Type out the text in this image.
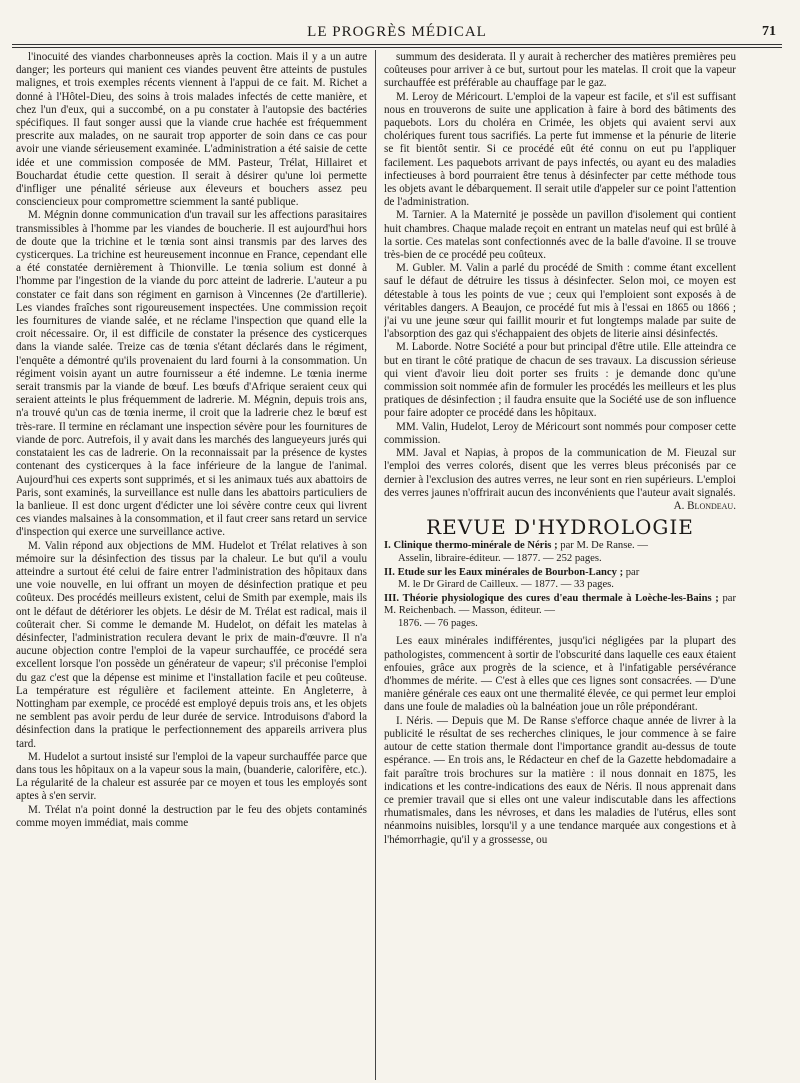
LE PROGRÈS MÉDICAL	71

l'inocuité des viandes charbonneuses après la coction. Mais il y a un autre danger; les porteurs qui manient ces viandes peuvent être atteints de pustules malignes, et trois exemples récents viennent à l'appui de ce fait. M. Richet a donné à l'Hôtel-Dieu, des soins à trois malades infectés de cette manière, et chez l'un d'eux, qui a succombé, on a pu constater à l'autopsie des bactéries spécifiques. Il faut songer aussi que la viande crue hachée est fréquemment prescrite aux malades, on ne saurait trop apporter de soin dans ce cas pour avoir une viande sérieusement examinée. L'administration a été saisie de cette idée et une commission composée de MM. Pasteur, Trélat, Hillairet et Bouchardat étudie cette question. Il serait à désirer qu'une loi permette d'infliger une pénalité sérieuse aux éleveurs et bouchers assez peu consciencieux pour compromettre sciemment la santé publique.

M. Mégnin donne communication d'un travail sur les affections parasitaires transmissibles à l'homme par les viandes de boucherie. Il est aujourd'hui hors de doute que la trichine et le tœnia sont ainsi transmis par des larves des cysticerques. La trichine est heureusement inconnue en France, cependant elle a été constatée dernièrement à Thionville. Le tœnia solium est donné à l'homme par l'ingestion de la viande du porc atteint de ladrerie. L'auteur a pu constater ce fait dans son régiment en garnison à Vincennes (2e d'artillerie). Les viandes fraîches sont rigoureusement inspectées. Une commission reçoit les fournitures de viande salée, et ne réclame l'inspection que quand elle la croit nécessaire. Or, il est difficile de constater la présence des cysticerques dans la viande salée. Treize cas de tœnia s'étant déclarés dans le régiment, l'enquête a démontré qu'ils provenaient du lard fourni à la consommation. Un régiment voisin ayant un autre fournisseur a été indemne. Le tœnia inerme serait transmis par la viande de bœuf. Les bœufs d'Afrique seraient ceux qui seraient atteints le plus fréquemment de ladrerie. M. Mégnin, depuis trois ans, n'a trouvé qu'un cas de tœnia inerme, il croit que la ladrerie chez le bœuf est très-rare. Il termine en réclamant une inspection sévère pour les fournitures de viande de porc. Autrefois, il y avait dans les marchés des langueyeurs jurés qui constataient les cas de ladrerie. On la reconnaissait par la présence de kystes contenant des cysticerques à la face inférieure de la langue de l'animal. Aujourd'hui ces experts sont supprimés, et si les animaux tués aux abattoirs de Paris, sont examinés, la surveillance est nulle dans les abattoirs particuliers de la banlieue. Il est donc urgent d'édicter une loi sévère contre ceux qui livrent ces viandes malsaines à la consommation, et il faut creer sans retard un service d'inspection qui exerce une surveillance active.

M. Valin répond aux objections de MM. Hudelot et Trélat relatives à son mémoire sur la désinfection des tissus par la chaleur. Le but qu'il a voulu atteindre a surtout été celui de faire entrer l'administration des hôpitaux dans une voie nouvelle, en lui offrant un moyen de désinfection pratique et peu coûteux. Des procédés meilleurs existent, celui de Smith par exemple, mais ils ont le défaut de détériorer les objets. Le désir de M. Trélat est radical, mais il coûterait cher. Si comme le demande M. Hudelot, on défait les matelas à désinfecter, l'administration reculera devant le prix de main-d'œuvre. Il n'a aucune objection contre l'emploi de la vapeur surchauffée, ce procédé sera excellent lorsque l'on possède un générateur de vapeur; s'il préconise l'emploi du gaz c'est que la dépense est minime et l'installation facile et peu coûteuse. La température est régulière et facilement atteinte. En Angleterre, à Nottingham par exemple, ce procédé est employé depuis trois ans, et les objets ne semblent pas avoir perdu de leur durée de service. Introduisons d'abord la désinfection dans la pratique le perfectionnement des appareils arrivera plus tard.

M. Hudelot a surtout insisté sur l'emploi de la vapeur surchauffée parce que dans tous les hôpitaux on a la vapeur sous la main, (buanderie, calorifère, etc.). La régularité de la chaleur est assurée par ce moyen et tous les employés sont aptes à s'en servir.

M. Trélat n'a point donné la destruction par le feu des objets contaminés comme moyen immédiat, mais comme

summum des desiderata. Il y aurait à rechercher des matières premières peu coûteuses pour arriver à ce but, surtout pour les matelas. Il croit que la vapeur surchauffée est préférable au chauffage par le gaz.

M. Leroy de Méricourt. L'emploi de la vapeur est facile, et s'il est suffisant nous en trouverons de suite une application à faire à bord des bâtiments des paquebots. Lors du choléra en Crimée, les objets qui avaient servi aux cholériques furent tous sacrifiés. La perte fut immense et la pénurie de literie se fit bientôt sentir. Si ce procédé eût été connu on eut pu l'appliquer facilement. Les paquebots arrivant de pays infectés, ou ayant eu des maladies infectieuses à bord pourraient être tenus à désinfecter par cette méthode tous les objets avant le débarquement. Il serait utile d'appeler sur ce point l'attention de l'administration.

M. Tarnier. A la Maternité je possède un pavillon d'isolement qui contient huit chambres. Chaque malade reçoit en entrant un matelas neuf qui est brûlé à la sortie. Ces matelas sont confectionnés avec de la balle d'avoine. Il se trouve très-bien de ce procédé peu coûteux.

M. Gubler. M. Valin a parlé du procédé de Smith : comme étant excellent sauf le défaut de détruire les tissus à désinfecter. Selon moi, ce moyen est détestable à tous les points de vue ; ceux qui l'emploient sont exposés à de véritables dangers. A Beaujon, ce procédé fut mis à l'essai en 1865 ou 1866 ; j'ai vu une jeune sœur qui faillit mourir et fut longtemps malade par suite de l'absorption des gaz qui s'échappaient des objets de literie ainsi désinfectés.

M. Laborde. Notre Société a pour but principal d'être utile. Elle atteindra ce but en tirant le côté pratique de chacun de ses travaux. La discussion sérieuse qui vient d'avoir lieu doit porter ses fruits : je demande donc qu'une commission soit nommée afin de formuler les procédés les meilleurs et les plus pratiques de désinfection ; il faudra ensuite que la Société use de son influence pour faire adopter ce procédé dans les hôpitaux.

MM. Valin, Hudelot, Leroy de Méricourt sont nommés pour composer cette commission.

MM. Javal et Napias, à propos de la communication de M. Fieuzal sur l'emploi des verres colorés, disent que les verres bleus préconisés par ce dernier à l'exclusion des autres verres, ne leur sont en rien supérieurs. L'emploi des verres jaunes n'offrirait aucun des inconvénients que l'auteur avait signalés.

A. Blondeau.

REVUE D'HYDROLOGIE
I. Clinique thermo-minérale de Néris ; par M. De Ranse. —
Asselin, libraire-éditeur. — 1877. — 252 pages.
II. Etude sur les Eaux minérales de Bourbon-Lancy ; par
M. le Dr Girard de Cailleux. — 1877. — 33 pages.
III. Théorie physiologique des cures d'eau thermale à Loèche-les-Bains ; par M. Reichenbach. — Masson, éditeur. —
1876. — 76 pages.

Les eaux minérales indifférentes, jusqu'ici négligées par la plupart des pathologistes, commencent à sortir de l'obscurité dans laquelle ces eaux étaient enfouies, grâce aux progrès de la science, et à l'infatigable persévérance d'hommes de mérite. — C'est à elles que ces lignes sont consacrées. — D'une manière générale ces eaux ont une thermalité élevée, ce qui permet leur emploi dans une foule de maladies où la balnéation joue un rôle prépondérant.

I. Néris. — Depuis que M. De Ranse s'efforce chaque année de livrer à la publicité le résultat de ses recherches cliniques, le jour commence à se faire autour de cette station thermale dont l'importance grandit au-dessus de toute espérance. — En trois ans, le Rédacteur en chef de la Gazette hebdomadaire a fait paraître trois brochures sur la matière : il nous donnait en 1875, les indications et les contre-indications des eaux de Néris. Il nous apprenait dans ce premier travail que si elles ont une valeur indiscutable dans les affections rhumatismales, dans les névroses, et dans les maladies de l'utérus, elles sont néanmoins nuisibles, lorsqu'il y a une tendance marquée aux congestions et à l'hémorrhagie, qu'il y a grossesse, ou
